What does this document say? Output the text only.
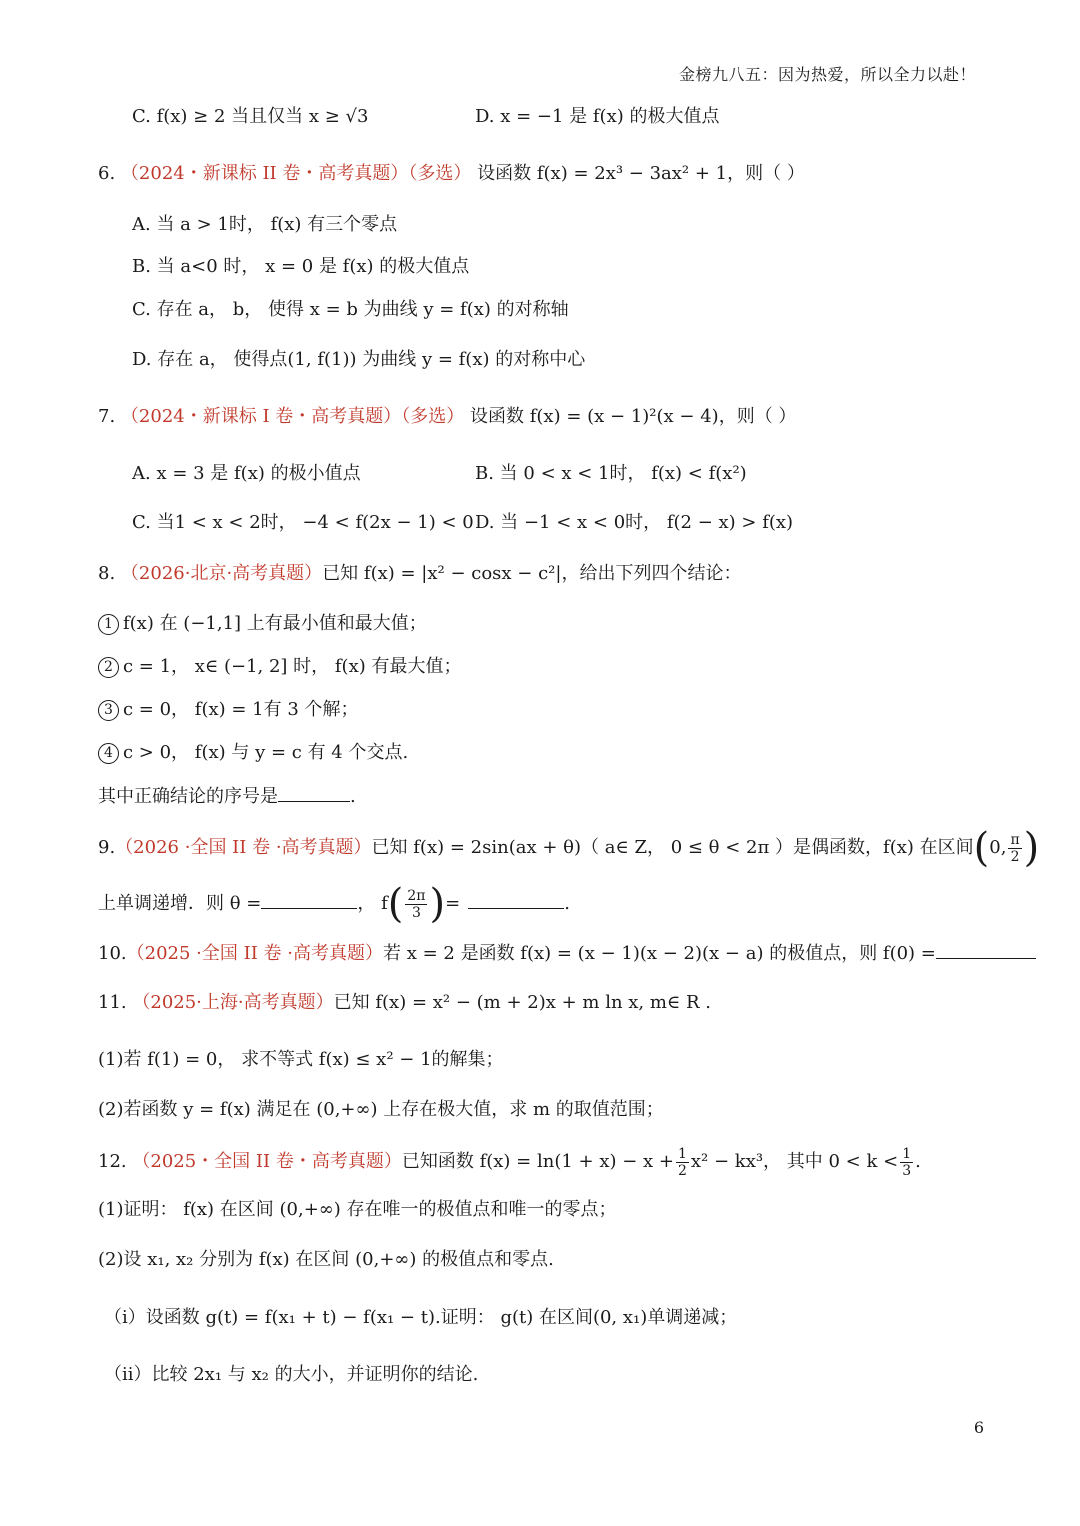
金榜九八五：因为热爱，所以全力以赴！
C. f(x) ≥ 2 当且仅当 x ≥ √3	D. x = −1 是 f(x) 的极大值点
6. （2024・新课标 II 卷・高考真题）（多选） 设函数 f(x) = 2x³ − 3ax² + 1，则（ ）
A. 当 a > 1时， f(x) 有三个零点
B. 当 a<0 时， x = 0 是 f(x) 的极大值点
C. 存在 a， b， 使得 x = b 为曲线 y = f(x) 的对称轴
D. 存在 a， 使得点(1, f(1)) 为曲线 y = f(x) 的对称中心
7. （2024・新课标 I 卷・高考真题）（多选） 设函数 f(x) = (x − 1)²(x − 4)，则（ ）
A. x = 3 是 f(x) 的极小值点	B. 当 0 < x < 1时， f(x) < f(x²)
C. 当1 < x < 2时， −4 < f(2x − 1) < 0 D. 当 −1 < x < 0时， f(2 − x) > f(x)
8. （2026·北京·高考真题）已知 f(x) = |x² − cosx − c²|，给出下列四个结论：
1 f(x) 在 (−1,1] 上有最小值和最大值；
2 c = 1， x∈ (−1, 2] 时， f(x) 有最大值；
3 c = 0， f(x) = 1有 3 个解；
4 c > 0， f(x) 与 y = c 有 4 个交点.
其中正确结论的序号是	.
9.（2026 ·全国 II 卷 ·高考真题）已知 f(x) = 2sin(ax + θ)（ a∈ Z， 0 ≤ θ < 2π ）是偶函数，f(x) 在区间(0, $\frac{\pi}{2}$ )
上单调递增．则 θ =	， $f( \frac{2\pi}{3}$ )=	.
10.（2025 ·全国 II 卷 ·高考真题）若 x = 2 是函数 f(x) = (x − 1)(x − 2)(x − a) 的极值点，则 f(0) =
11. （2025·上海·高考真题）已知 f(x) = x² − (m + 2)x + m ln x, m∈ R .
(1)若 f(1) = 0， 求不等式 f(x) ≤ x² − 1的解集；
(2)若函数 y = f(x) 满足在 (0,+∞) 上存在极大值，求 m 的取值范围；
12. （2025・全国 II 卷・高考真题）已知函数 $f(x) = \ln(1 + x) - x + \frac{1}{2} x^2 - kx^3$， 其中 $0 < k < \frac{1}{3}$ .
(1)证明： f(x) 在区间 (0,+∞) 存在唯一的极值点和唯一的零点；
(2)设 x₁, x₂ 分别为 f(x) 在区间 (0,+∞) 的极值点和零点.
（i）设函数 g(t) = f(x₁ + t) − f(x₁ − t).证明： g(t) 在区间(0, x₁)单调递减；
（ii）比较 2x₁ 与 x₂ 的大小，并证明你的结论.
6
